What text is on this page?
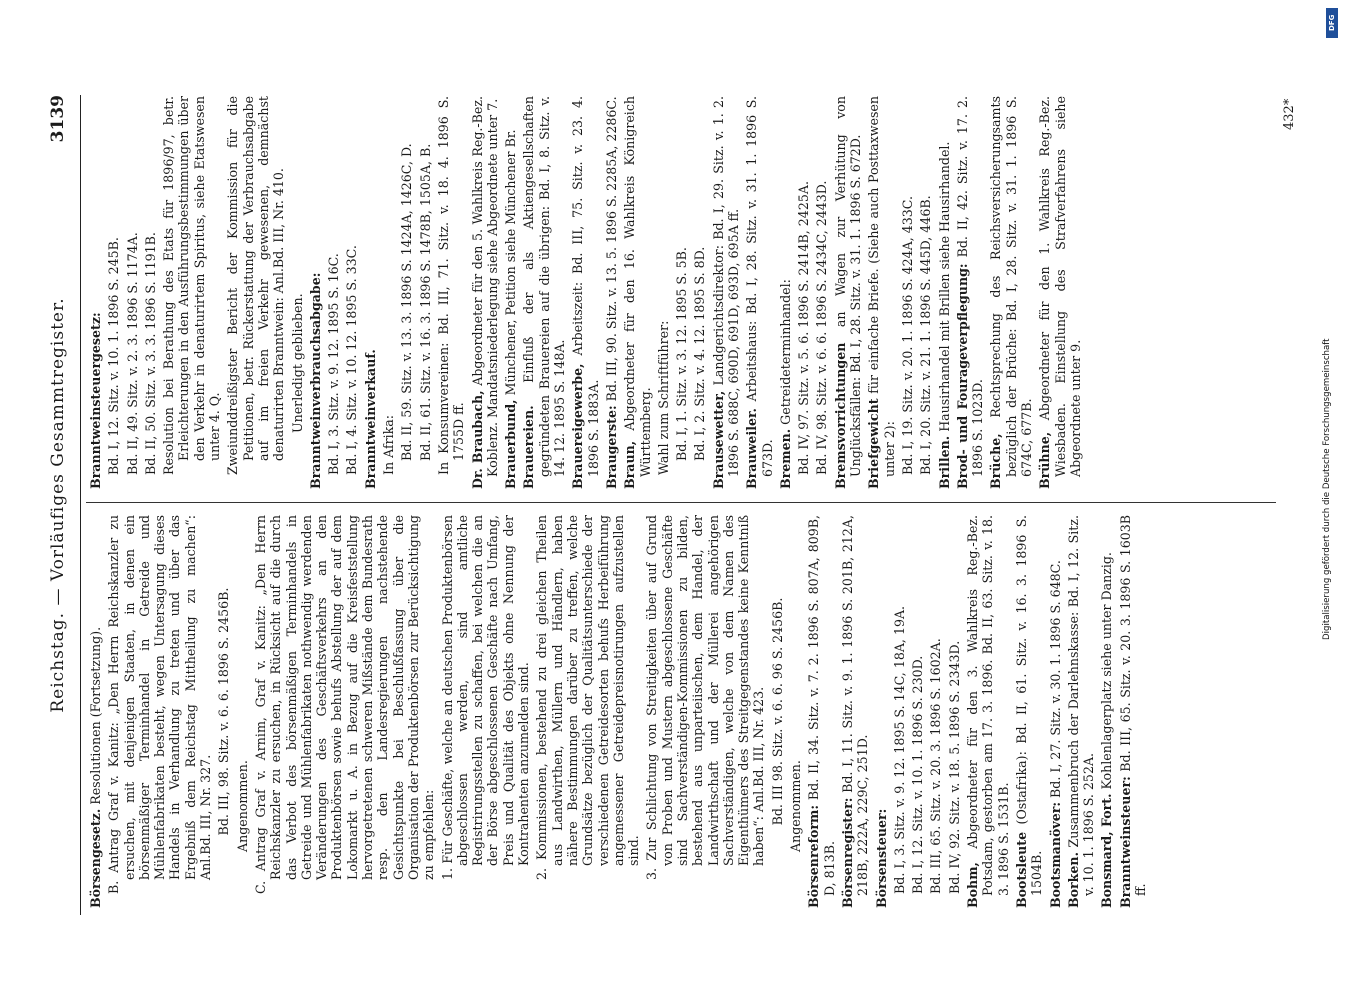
Reichstag. — Vorläufiges Gesammtregister.
3139

Börsengesetz. Resolutionen (Fortsetzung). B. Antrag Graf v. Kanitz: „Den Herrn Reichskanzler zu ersuchen, mit denjenigen Staaten, in denen ein börsenmäßiger Terminhandel in Getreide und Mühlenfabrikaten besteht, wegen Untersagung dieses Handels in Verhandlung zu treten und über das Ergebniß dem Reichstag Mittheilung zu machen“: Anl.Bd. III, Nr. 327. Bd. III, 98. Sitz. v. 6. 6. 1896 S. 2456B. Angenommen. C. Antrag Graf v. Arnim, Graf v. Kanitz: „Den Herrn Reichskanzler zu ersuchen, in Rücksicht auf die durch das Verbot des börsenmäßigen Terminhandels in Getreide und Mühlenfabrikaten nothwendig werdenden Veränderungen des Geschäftsverkehrs an den Produktenbörsen sowie behufs Abstellung der auf dem Lokomarkt u. A. in Bezug auf die Kreisfeststellung hervorgetretenen schweren Mißstände dem Bundesrath resp. den Landesregierungen nachstehende Gesichtspunkte bei Beschlußfassung über die Organisation der Produktenbörsen zur Berücksichtigung zu empfehlen: 1. Für Geschäfte, welche an deutschen Produktenbörsen abgeschlossen werden, sind amtliche Registrirungsstellen zu schaffen, bei welchen die an der Börse abgeschlossenen Geschäfte nach Umfang, Preis und Qualität des Objekts ohne Nennung der Kontrahenten anzumelden sind. 2. Kommissionen, bestehend zu drei gleichen Theilen aus Landwirthen, Müllern und Händlern, haben nähere Bestimmungen darüber zu treffen, welche Grundsätze bezüglich der Qualitätsunterschiede der verschiedenen Getreidesorten behufs Herbeiführung angemessener Getreidepreisnotirungen aufzustellen sind. 3. Zur Schlichtung von Streitigkeiten über auf Grund von Proben und Mustern abgeschlossene Geschäfte sind Sachverständigen-Kommissionen zu bilden, bestehend aus unparteiischen, dem Handel, der Landwirthschaft und der Müllerei angehörigen Sachverständigen, welche von dem Namen des Eigenthümers des Streitgegenstandes keine Kenntniß haben“: Anl.Bd. III, Nr. 423. Bd. III 98. Sitz. v. 6. 6. 96 S. 2456B. Angenommen. Börsenreform: Bd. II, 34. Sitz. v. 7. 2. 1896 S. 807A, 809B, D, 813B. Börsenregister: Bd. I, 11. Sitz. v. 9. 1. 1896 S. 201B, 212A, 218B, 222A, 229C, 251D. Börsensteuer: Bd. I, 3. Sitz. v. 9. 12. 1895 S. 14C, 18A, 19A. Bd. I, 12. Sitz. v. 10. 1. 1896 S. 230D. Bd. III, 65. Sitz. v. 20. 3. 1896 S. 1602A. Bd. IV, 92. Sitz. v. 18. 5. 1896 S. 2343D. Bohm, Abgeordneter für den 3. Wahlkreis Reg.-Bez. Potsdam, gestorben am 17. 3. 1896. Bd. II, 63. Sitz. v. 18. 3. 1896 S. 1531B. Bootsleute (Ostafrika): Bd. II, 61. Sitz. v. 16. 3. 1896 S. 1504B. Bootsmanöver: Bd. I, 27. Sitz. v. 30. 1. 1896 S. 648C.

Borken. Zusammenbruch der Darlehnskasse: Bd. I, 12. Sitz. v. 10. 1. 1896 S. 252A. Bonsmard, Fort. Kohlenlagerplatz siehe unter Danzig.

Branntweinsteuer: Bd. III, 65. Sitz. v. 20. 3. 1896 S. 1603B ff.

Branntweinsteuergesetz: Bd. I, 12. Sitz. v. 10. 1. 1896 S. 245B. Bd. II, 49. Sitz. v. 2. 3. 1896 S. 1174A. Bd. II, 50. Sitz. v. 3. 3. 1896 S. 1191B. Resolution bei Berathung des Etats für 1896/97, betr. Erleichterungen in den Ausführungsbestimmungen über den Verkehr in denaturirtem Spiritus, siehe Etatswesen unter 4. Q. Zweiunddreißigster Bericht der Kommission für die Petitionen, betr. Rückerstattung der Verbrauchsabgabe auf im freien Verkehr gewesenen, demnächst denaturirten Branntwein: Anl.Bd. III, Nr. 410. Unerledigt geblieben. Branntweinverbrauchsabgabe: Bd. I, 3. Sitz. v. 9. 12. 1895 S. 16C. Bd. I, 4. Sitz. v. 10. 12. 1895 S. 33C. Branntweinverkauf. In Afrika: Bd. II, 59. Sitz. v. 13. 3. 1896 S. 1424A, 1426C, D. Bd. II, 61. Sitz. v. 16. 3. 1896 S. 1478B, 1505A, B. In Konsumvereinen: Bd. III, 71. Sitz. v. 18. 4. 1896 S. 1755D ff. Dr. Braubach, Abgeordneter für den 5. Wahlkreis Reg.-Bez. Koblenz. Mandatsniederlegung siehe Abgeordnete unter 7. Brauerbund, Münchener, Petition siehe Münchener Br.

Brauereien. Einfluß der als Aktiengesellschaften gegründeten Brauereien auf die übrigen: Bd. I, 8. Sitz. v. 14. 12. 1895 S. 148A. Brauereigewerbe, Arbeitszeit: Bd. III, 75. Sitz. v. 23. 4. 1896 S. 1883A. Braugerste: Bd. III, 90. Sitz. v. 13. 5. 1896 S. 2285A, 2286C.

Braun, Abgeordneter für den 16. Wahlkreis Königreich Württemberg. Wahl zum Schriftführer: Bd. I, 1. Sitz. v. 3. 12. 1895 S. 5B. Bd. I, 2. Sitz. v. 4. 12. 1895 S. 8D. Brausewetter, Landgerichtsdirektor: Bd. I, 29. Sitz. v. 1. 2. 1896 S. 688C, 690D, 691D, 693D, 695A ff. Brauweiler. Arbeitshaus: Bd. I, 28. Sitz. v. 31. 1. 1896 S. 673D. Bremen. Getreideterminhandel: Bd. IV, 97. Sitz. v. 5. 6. 1896 S. 2414B, 2425A. Bd. IV, 98. Sitz. v. 6. 6. 1896 S. 2434C, 2443D. Bremsvorrichtungen an Wagen zur Verhütung von Unglücksfällen: Bd. I, 28. Sitz. v. 31. 1. 1896 S. 672D. Briefgewicht für einfache Briefe. (Siehe auch Posttaxwesen unter 2): Bd. I, 19. Sitz. v. 20. 1. 1896 S. 424A, 433C. Bd. I, 20. Sitz. v. 21. 1. 1896 S. 445D, 446B. Brillen. Hausirhandel mit Brillen siehe Hausirhandel. Brod- und Fourageverpflegung: Bd. II, 42. Sitz. v. 17. 2. 1896 S. 1023D. Brüche, Rechtsprechung des Reichsversicherungsamts bezüglich der Brüche: Bd. I, 28. Sitz. v. 31. 1. 1896 S. 674C, 677B. Brühne, Abgeordneter für den 1. Wahlkreis Reg.-Bez. Wiesbaden. Einstellung des Strafverfahrens siehe Abgeordnete unter 9.

432*
DFG
Digitalisierung gefördert durch die Deutsche Forschungsgemeinschaft
